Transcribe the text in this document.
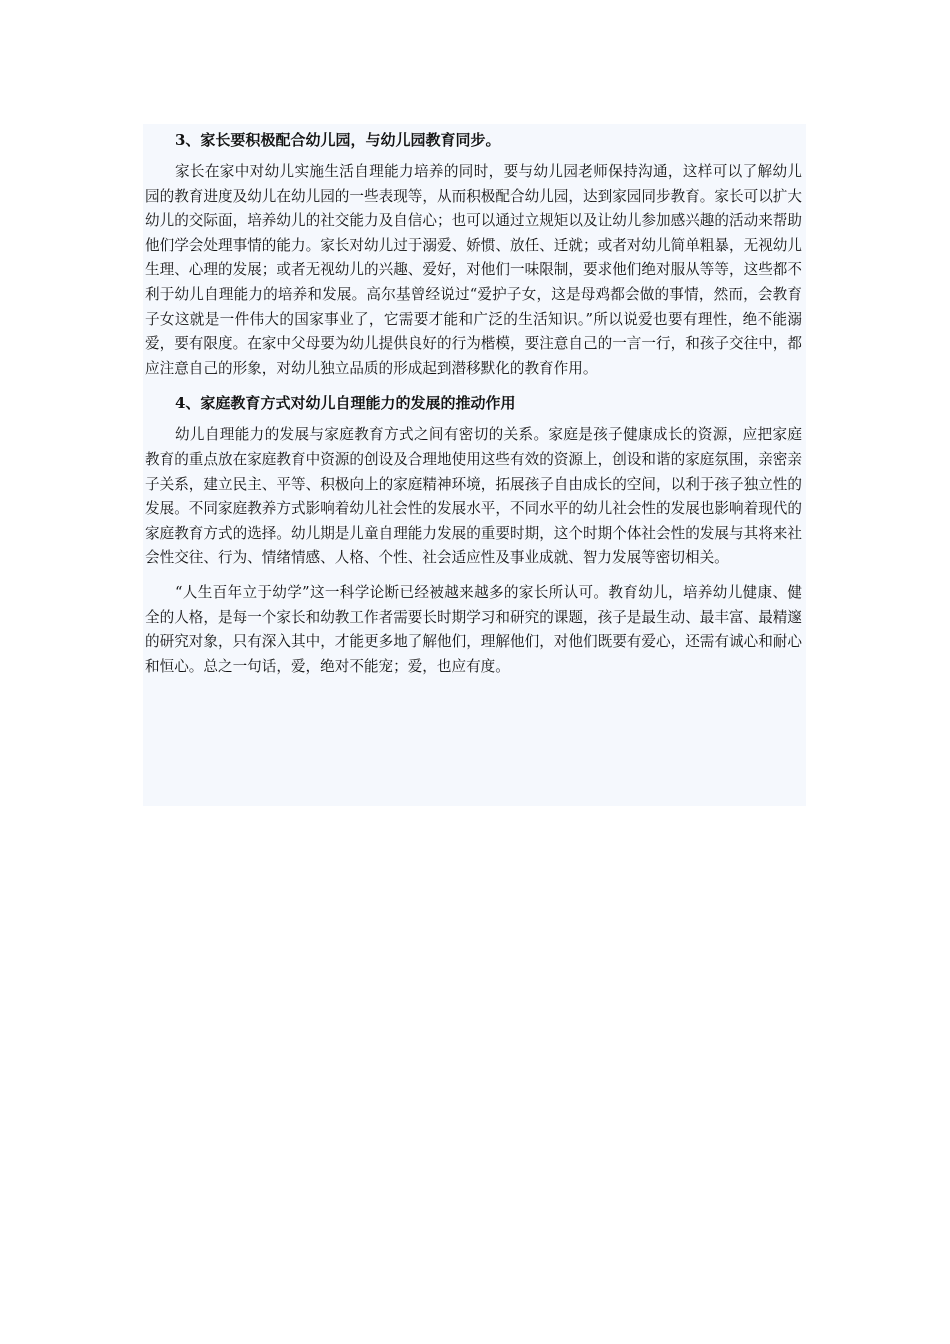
3、家长要积极配合幼儿园，与幼儿园教育同步。

家长在家中对幼儿实施生活自理能力培养的同时，要与幼儿园老师保持沟通，这样可以了解幼儿园的教育进度及幼儿在幼儿园的一些表现等，从而积极配合幼儿园，达到家园同步教育。家长可以扩大幼儿的交际面，培养幼儿的社交能力及自信心；也可以通过立规矩以及让幼儿参加感兴趣的活动来帮助他们学会处理事情的能力。家长对幼儿过于溺爱、娇惯、放任、迁就；或者对幼儿简单粗暴，无视幼儿生理、心理的发展；或者无视幼儿的兴趣、爱好，对他们一味限制，要求他们绝对服从等等，这些都不利于幼儿自理能力的培养和发展。高尔基曾经说过“爱护子女，这是母鸡都会做的事情，然而，会教育子女这就是一件伟大的国家事业了，它需要才能和广泛的生活知识。”所以说爱也要有理性，绝不能溺爱，要有限度。在家中父母要为幼儿提供良好的行为楷模，要注意自己的一言一行，和孩子交往中，都应注意自己的形象，对幼儿独立品质的形成起到潜移默化的教育作用。

4、家庭教育方式对幼儿自理能力的发展的推动作用

幼儿自理能力的发展与家庭教育方式之间有密切的关系。家庭是孩子健康成长的资源，应把家庭教育的重点放在家庭教育中资源的创设及合理地使用这些有效的资源上，创设和谐的家庭氛围，亲密亲子关系，建立民主、平等、积极向上的家庭精神环境，拓展孩子自由成长的空间，以利于孩子独立性的发展。不同家庭教养方式影响着幼儿社会性的发展水平，不同水平的幼儿社会性的发展也影响着现代的家庭教育方式的选择。幼儿期是儿童自理能力发展的重要时期，这个时期个体社会性的发展与其将来社会性交往、行为、情绪情感、人格、个性、社会适应性及事业成就、智力发展等密切相关。

“人生百年立于幼学”这一科学论断已经被越来越多的家长所认可。教育幼儿，培养幼儿健康、健全的人格，是每一个家长和幼教工作者需要长时期学习和研究的课题，孩子是最生动、最丰富、最精邃的研究对象，只有深入其中，才能更多地了解他们，理解他们，对他们既要有爱心，还需有诚心和耐心和恒心。总之一句话，爱，绝对不能宠；爱，也应有度。
